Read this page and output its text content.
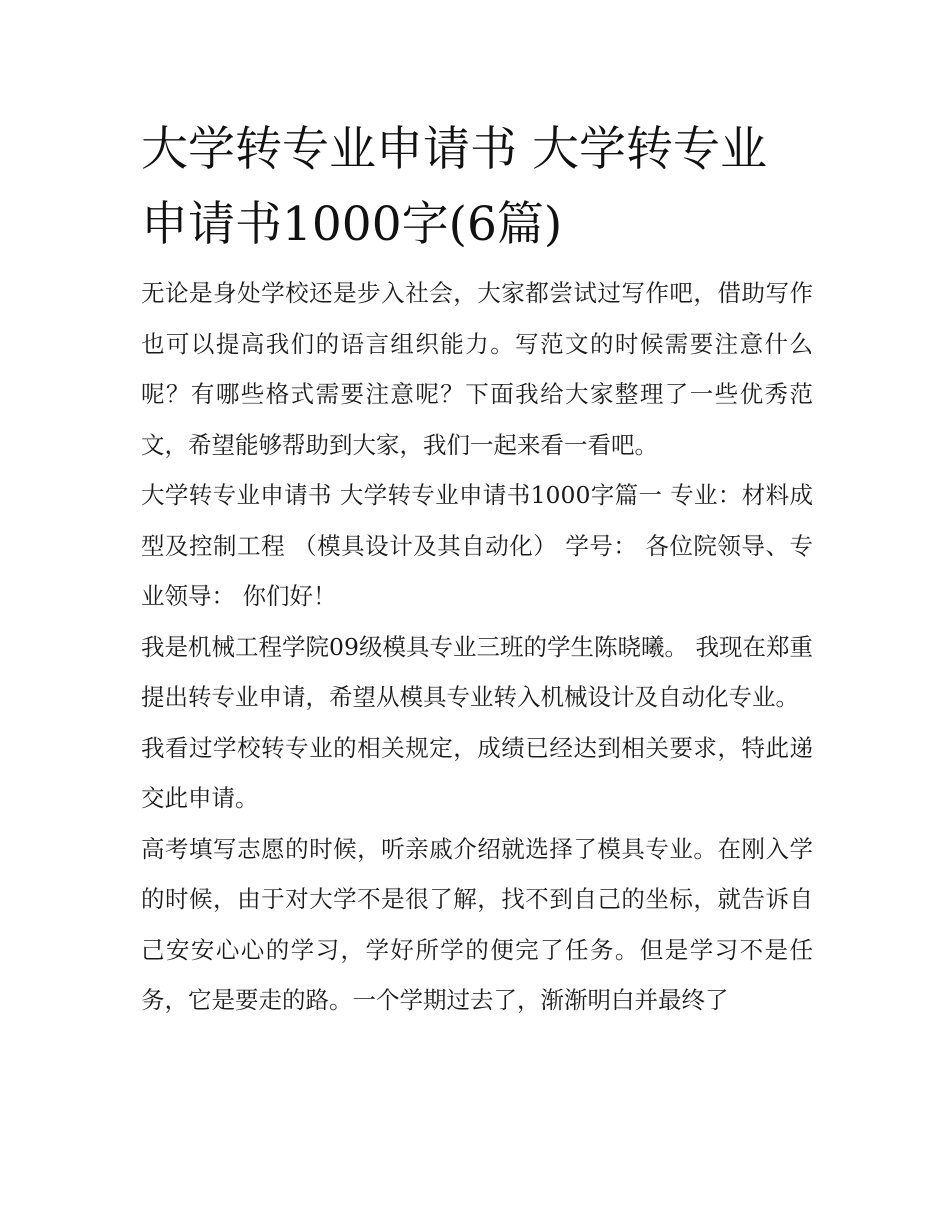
大学转专业申请书 大学转专业申请书1000字(6篇)

无论是身处学校还是步入社会，大家都尝试过写作吧，借助写作也可以提高我们的语言组织能力。写范文的时候需要注意什么呢？有哪些格式需要注意呢？下面我给大家整理了一些优秀范文，希望能够帮助到大家，我们一起来看一看吧。

大学转专业申请书 大学转专业申请书1000字篇一 专业：材料成型及控制工程 （模具设计及其自动化） 学号： 各位院领导、专业领导： 你们好！

我是机械工程学院09级模具专业三班的学生陈晓曦。 我现在郑重提出转专业申请，希望从模具专业转入机械设计及自动化专业。

我看过学校转专业的相关规定，成绩已经达到相关要求，特此递交此申请。

高考填写志愿的时候，听亲戚介绍就选择了模具专业。在刚入学的时候，由于对大学不是很了解，找不到自己的坐标，就告诉自己安安心心的学习，学好所学的便完了任务。但是学习不是任务，它是要走的路。一个学期过去了，渐渐明白并最终了
